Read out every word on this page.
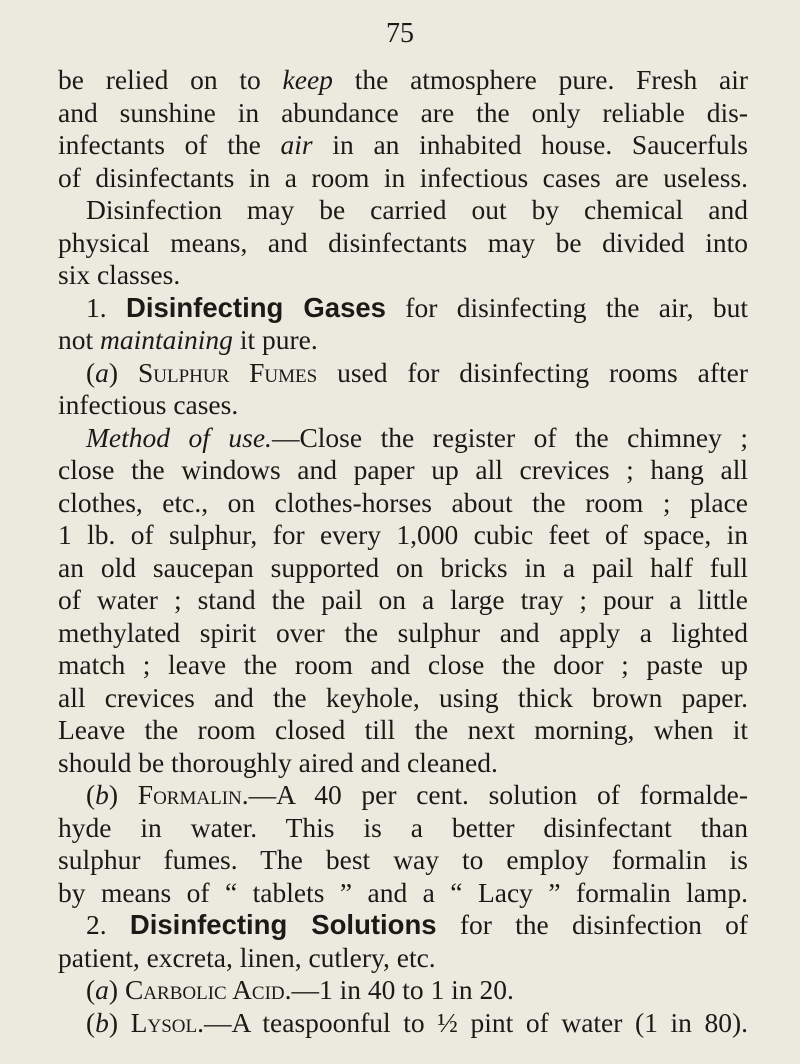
75
be relied on to keep the atmosphere pure. Fresh air
and sunshine in abundance are the only reliable dis-
infectants of the air in an inhabited house. Saucerfuls
of disinfectants in a room in infectious cases are useless.
Disinfection may be carried out by chemical and
physical means, and disinfectants may be divided into
six classes.
1. Disinfecting Gases for disinfecting the air, but
not maintaining it pure.
(a) Sulphur Fumes used for disinfecting rooms after
infectious cases.
Method of use.—Close the register of the chimney ;
close the windows and paper up all crevices ; hang all
clothes, etc., on clothes-horses about the room ; place
1 lb. of sulphur, for every 1,000 cubic feet of space, in
an old saucepan supported on bricks in a pail half full
of water ; stand the pail on a large tray ; pour a little
methylated spirit over the sulphur and apply a lighted
match ; leave the room and close the door ; paste up
all crevices and the keyhole, using thick brown paper.
Leave the room closed till the next morning, when it
should be thoroughly aired and cleaned.
(b) Formalin.—A 40 per cent. solution of formalde-
hyde in water. This is a better disinfectant than
sulphur fumes. The best way to employ formalin is
by means of “ tablets ” and a “ Lacy ” formalin lamp.
2. Disinfecting Solutions for the disinfection of
patient, excreta, linen, cutlery, etc.
(a) Carbolic Acid.—1 in 40 to 1 in 20.
(b) Lysol.—A teaspoonful to ½ pint of water (1 in 80).
